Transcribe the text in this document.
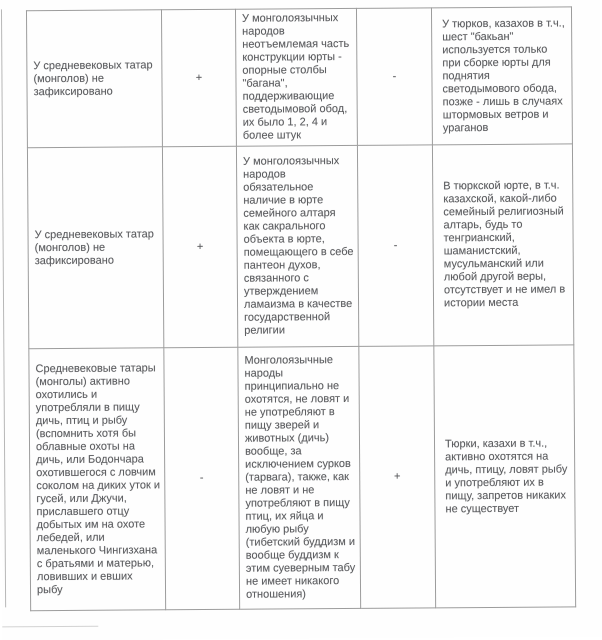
У средневековых татар (монголов) не зафиксировано	+	У монголоязычных народов неотъемлемая часть конструкции юрты - опорные столбы "багана", поддерживающие светодымовой обод, их было 1, 2, 4 и более штук	-	У тюрков, казахов в т.ч., шест "бакьан" используется только при сборке юрты для поднятия светодымового обода, позже - лишь в случаях штормовых ветров и ураганов
У средневековых татар (монголов) не зафиксировано	+	У монголоязычных народов обязательное наличие в юрте семейного алтаря как сакрального объекта в юрте, помещающего в себе пантеон духов, связанного с утверждением ламаизма в качестве государственной религии	-	В тюркской юрте, в т.ч. казахской, какой-либо семейный религиозный алтарь, будь то тенгрианский, шаманистский, мусульманский или любой другой веры, отсутствует и не имел в истории места
Средневековые татары (монголы) активно охотились и употребляли в пищу дичь, птиц и рыбу (вспомнить хотя бы облавные охоты на дичь, или Бодончара охотившегося с ловчим соколом на диких уток и гусей, или Джучи, приславшего отцу добытых им на охоте лебедей, или маленького Чингизхана с братьями и матерью, ловивших и евших рыбу	-	Монголоязычные народы принципиально не охотятся, не ловят и не употребляют в пищу зверей и животных (дичь) вообще, за исключением сурков (тарвага), также, как не ловят и не употребляют в пищу птиц, их яйца и любую рыбу (тибетский буддизм и вообще буддизм к этим суеверным табу не имеет никакого отношения)	+	Тюрки, казахи в т.ч., активно охотятся на дичь, птицу, ловят рыбу и употребляют их в пищу, запретов никаких не существует
